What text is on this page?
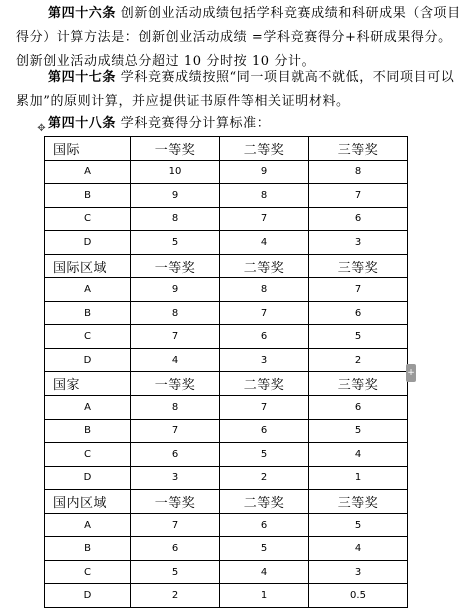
第四十六条 创新创业活动成绩包括学科竞赛成绩和科研成果（含项目得分）计算方法是：创新创业活动成绩 =学科竞赛得分+科研成果得分。创新创业活动成绩总分超过 10 分时按 10 分计。
第四十七条 学科竞赛成绩按照“同一项目就高不就低，不同项目可以累加”的原则计算，并应提供证书原件等相关证明材料。
第四十八条 学科竞赛得分计算标准：
✥
国际	一等奖	二等奖	三等奖
A	10	9	8
B	9	8	7
C	8	7	6
D	5	4	3
国际区域	一等奖	二等奖	三等奖
A	9	8	7
B	8	7	6
C	7	6	5
D	4	3	2
国家	一等奖	二等奖	三等奖
A	8	7	6
B	7	6	5
C	6	5	4
D	3	2	1
国内区域	一等奖	二等奖	三等奖
A	7	6	5
B	6	5	4
C	5	4	3
D	2	1	0.5
+
